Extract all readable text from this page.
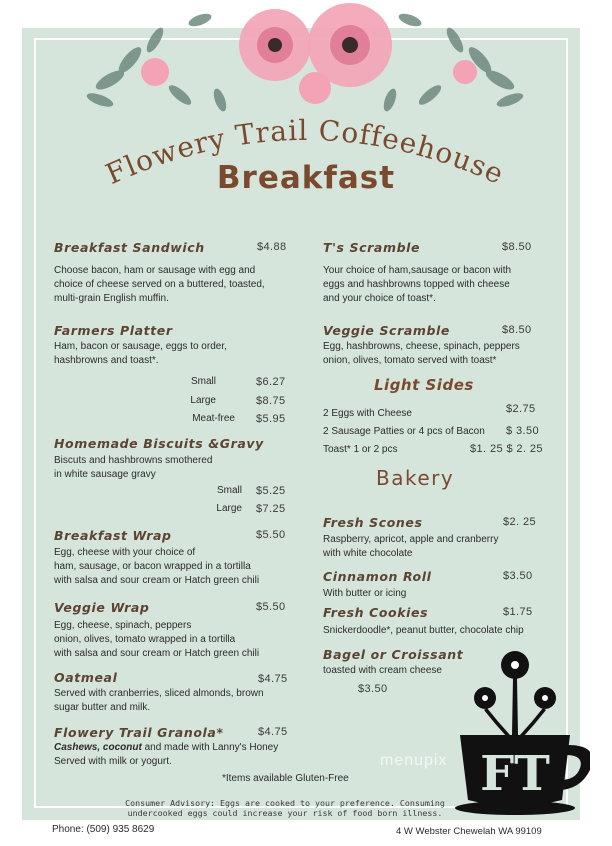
Flowery Trail Coffeehouse
Breakfast
Breakfast Sandwich	$4.88
Choose bacon, ham or sausage with egg and
choice of cheese served on a buttered, toasted,
multi-grain English muffin.
Farmers Platter
Ham, bacon or sausage, eggs to order,
hashbrowns and toast*.
Small	$6.27
Large	$8.75
Meat-free $5.95
Homemade Biscuits &Gravy
Biscuts and hashbrowns smothered
in white sausage gravy
Small $5.25
Large $7.25
Breakfast Wrap	$5.50
Egg, cheese with your choice of
ham, sausage, or bacon wrapped in a tortilla
with salsa and sour cream or Hatch green chili
Veggie Wrap	$5.50
Egg, cheese, spinach, peppers
onion, olives, tomato wrapped in a tortilla
with salsa and sour cream or Hatch green chili
Oatmeal	$4.75
Served with cranberries, sliced almonds, brown
sugar butter and milk.
Flowery Trail Granola*	$4.75
Cashews, coconut and made with Lanny's Honey
Served with milk or yogurt.
T's Scramble	$8.50
Your choice of ham,sausage or bacon with
eggs and hashbrowns topped with cheese
and your choice of toast*.
Veggie Scramble	$8.50
Egg, hashbrowns, cheese, spinach, peppers
onion, olives, tomato served with toast*
Light Sides
2 Eggs with Cheese	$2.75
2 Sausage Patties or 4 pcs of Bacon $ 3.50
Toast* 1 or 2 pcs	$1. 25 $ 2. 25
Bakery
Fresh Scones	$2. 25
Raspberry, apricot, apple and cranberry
with white chocolate
Cinnamon Roll	$3.50
With butter or icing
Fresh Cookies	$1.75
Snickerdoodle*, peanut butter, chocolate chip
Bagel or Croissant
toasted with cream cheese
$3.50
FT
menupix
*Items available Gluten-Free
Consumer Advisory: Eggs are cooked to your preference. Consuming
undercooked eggs could increase your risk of food born illness.
Phone: (509) 935 8629	4 W Webster Chewelah WA 99109
